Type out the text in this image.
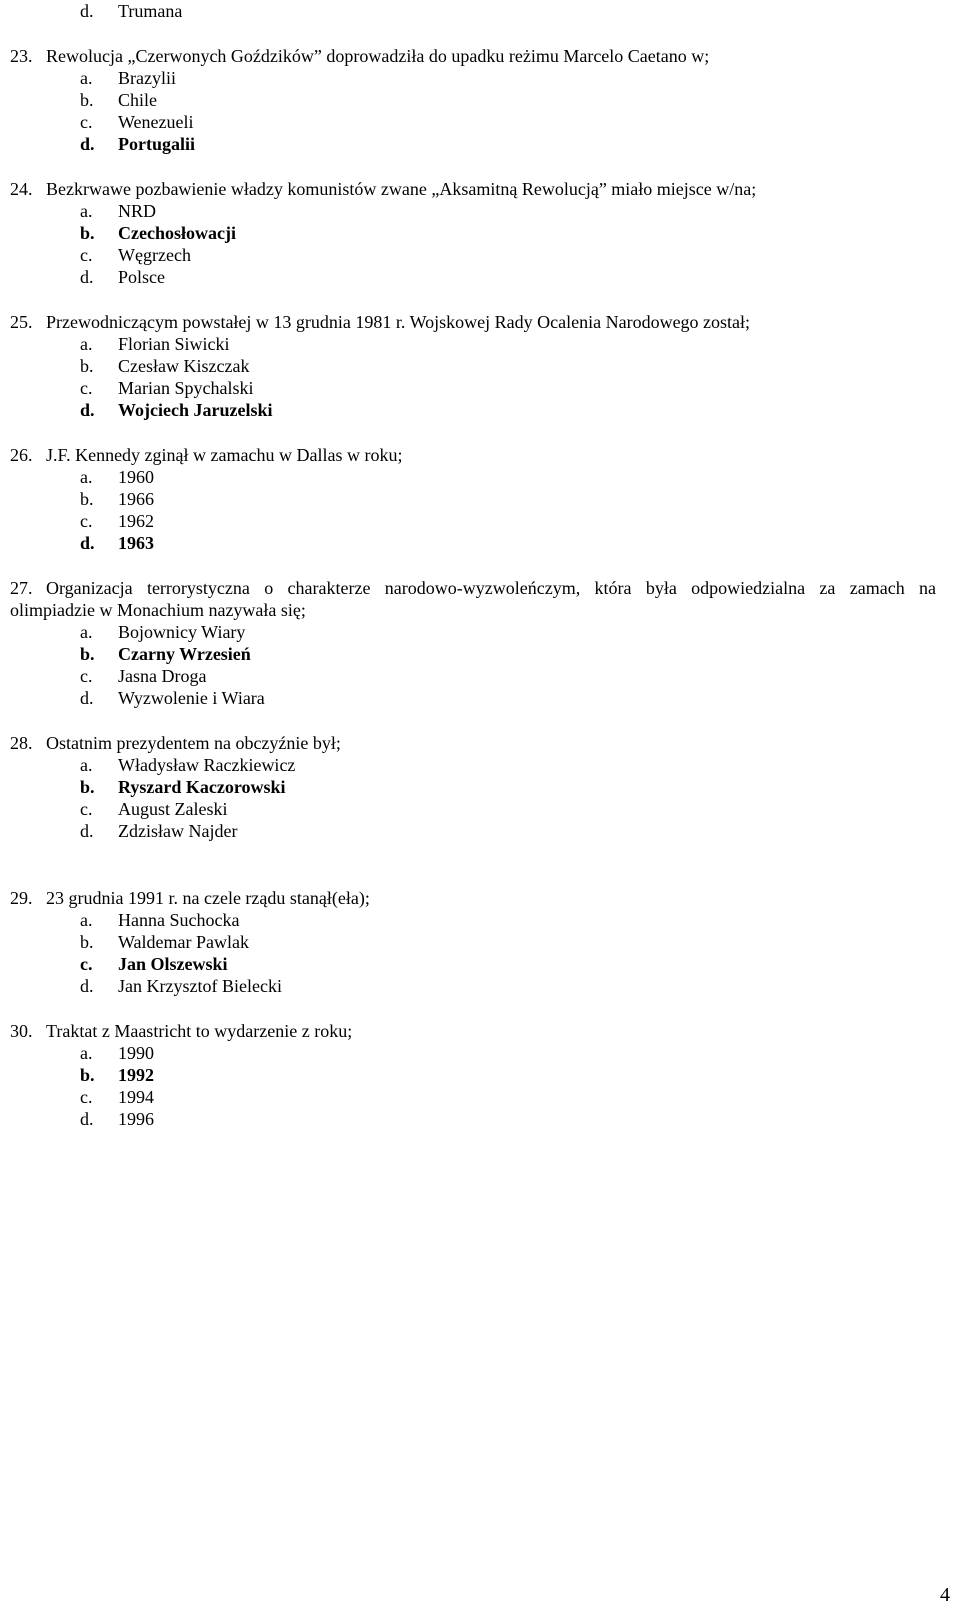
d. Trumana
23. Rewolucja „Czerwonych Goździków” doprowadziła do upadku reżimu Marcelo Caetano w;
a. Brazylii
b. Chile
c. Wenezueli
d. Portugalii
24. Bezkrwawe pozbawienie władzy komunistów zwane „Aksamitną Rewolucją” miało miejsce w/na;
a. NRD
b. Czechosłowacji
c. Węgrzech
d. Polsce
25. Przewodniczącym powstałej w 13 grudnia 1981 r. Wojskowej Rady Ocalenia Narodowego został;
a. Florian Siwicki
b. Czesław Kiszczak
c. Marian Spychalski
d. Wojciech Jaruzelski
26. J.F. Kennedy zginął w zamachu w Dallas w roku;
a. 1960
b. 1966
c. 1962
d. 1963
27. Organizacja terrorystyczna o charakterze narodowo-wyzwoleńczym, która była odpowiedzialna za zamach na
olimpiadzie w Monachium nazywała się;
a. Bojownicy Wiary
b. Czarny Wrzesień
c. Jasna Droga
d. Wyzwolenie i Wiara
28. Ostatnim prezydentem na obczyźnie był;
a. Władysław Raczkiewicz
b. Ryszard Kaczorowski
c. August Zaleski
d. Zdzisław Najder
29. 23 grudnia 1991 r. na czele rządu stanął(eła);
a. Hanna Suchocka
b. Waldemar Pawlak
c. Jan Olszewski
d. Jan Krzysztof Bielecki
30. Traktat z Maastricht to wydarzenie z roku;
a. 1990
b. 1992
c. 1994
d. 1996
4
